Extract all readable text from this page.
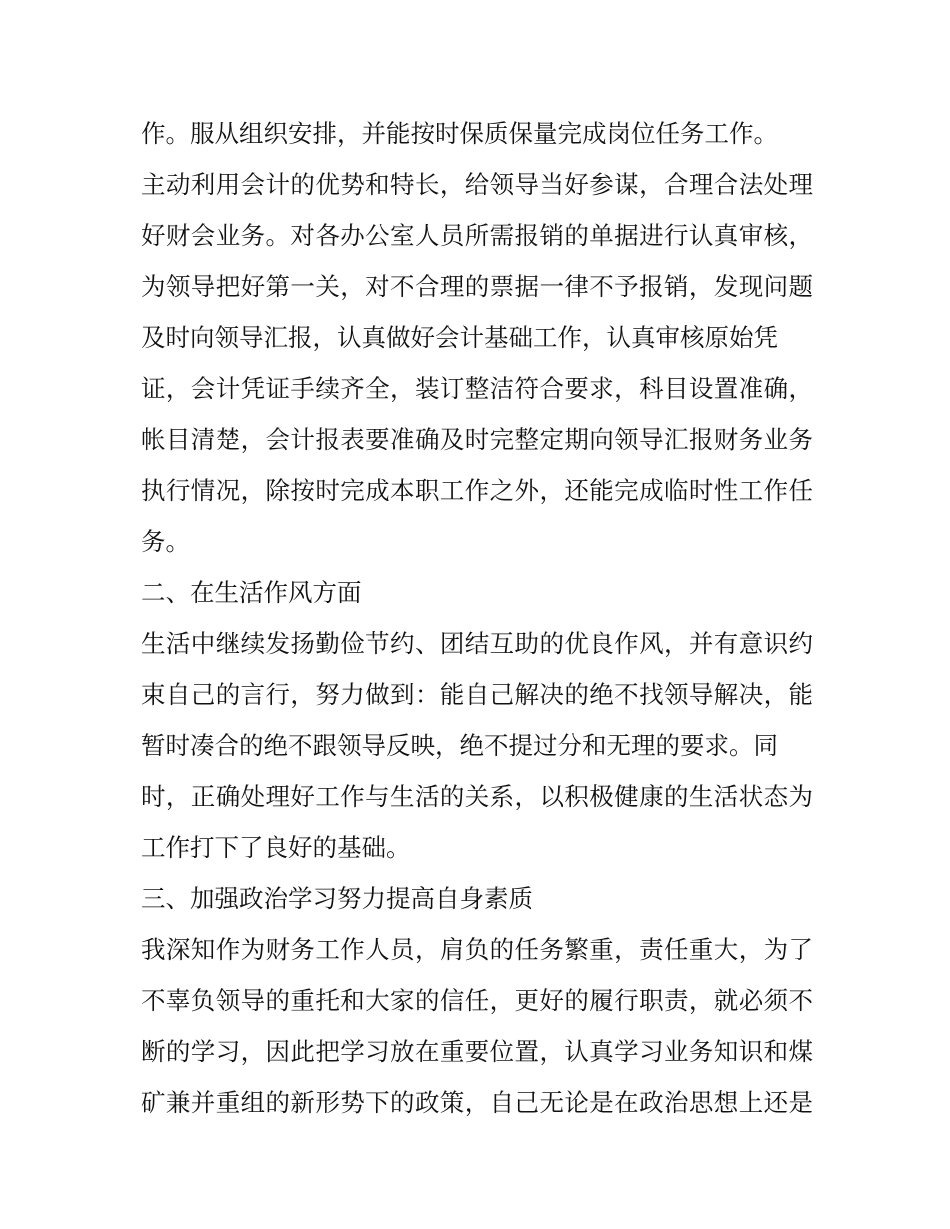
作。服从组织安排，并能按时保质保量完成岗位任务工作。
主动利用会计的优势和特长，给领导当好参谋，合理合法处理
好财会业务。对各办公室人员所需报销的单据进行认真审核，
为领导把好第一关，对不合理的票据一律不予报销，发现问题
及时向领导汇报，认真做好会计基础工作，认真审核原始凭
证，会计凭证手续齐全，装订整洁符合要求，科目设置准确，
帐目清楚，会计报表要准确及时完整定期向领导汇报财务业务
执行情况，除按时完成本职工作之外，还能完成临时性工作任
务。
二、在生活作风方面
生活中继续发扬勤俭节约、团结互助的优良作风，并有意识约
束自己的言行，努力做到：能自己解决的绝不找领导解决，能
暂时凑合的绝不跟领导反映，绝不提过分和无理的要求。同
时，正确处理好工作与生活的关系，以积极健康的生活状态为
工作打下了良好的基础。
三、加强政治学习努力提高自身素质
我深知作为财务工作人员，肩负的任务繁重，责任重大，为了
不辜负领导的重托和大家的信任，更好的履行职责，就必须不
断的学习，因此把学习放在重要位置，认真学习业务知识和煤
矿兼并重组的新形势下的政策，自己无论是在政治思想上还是
